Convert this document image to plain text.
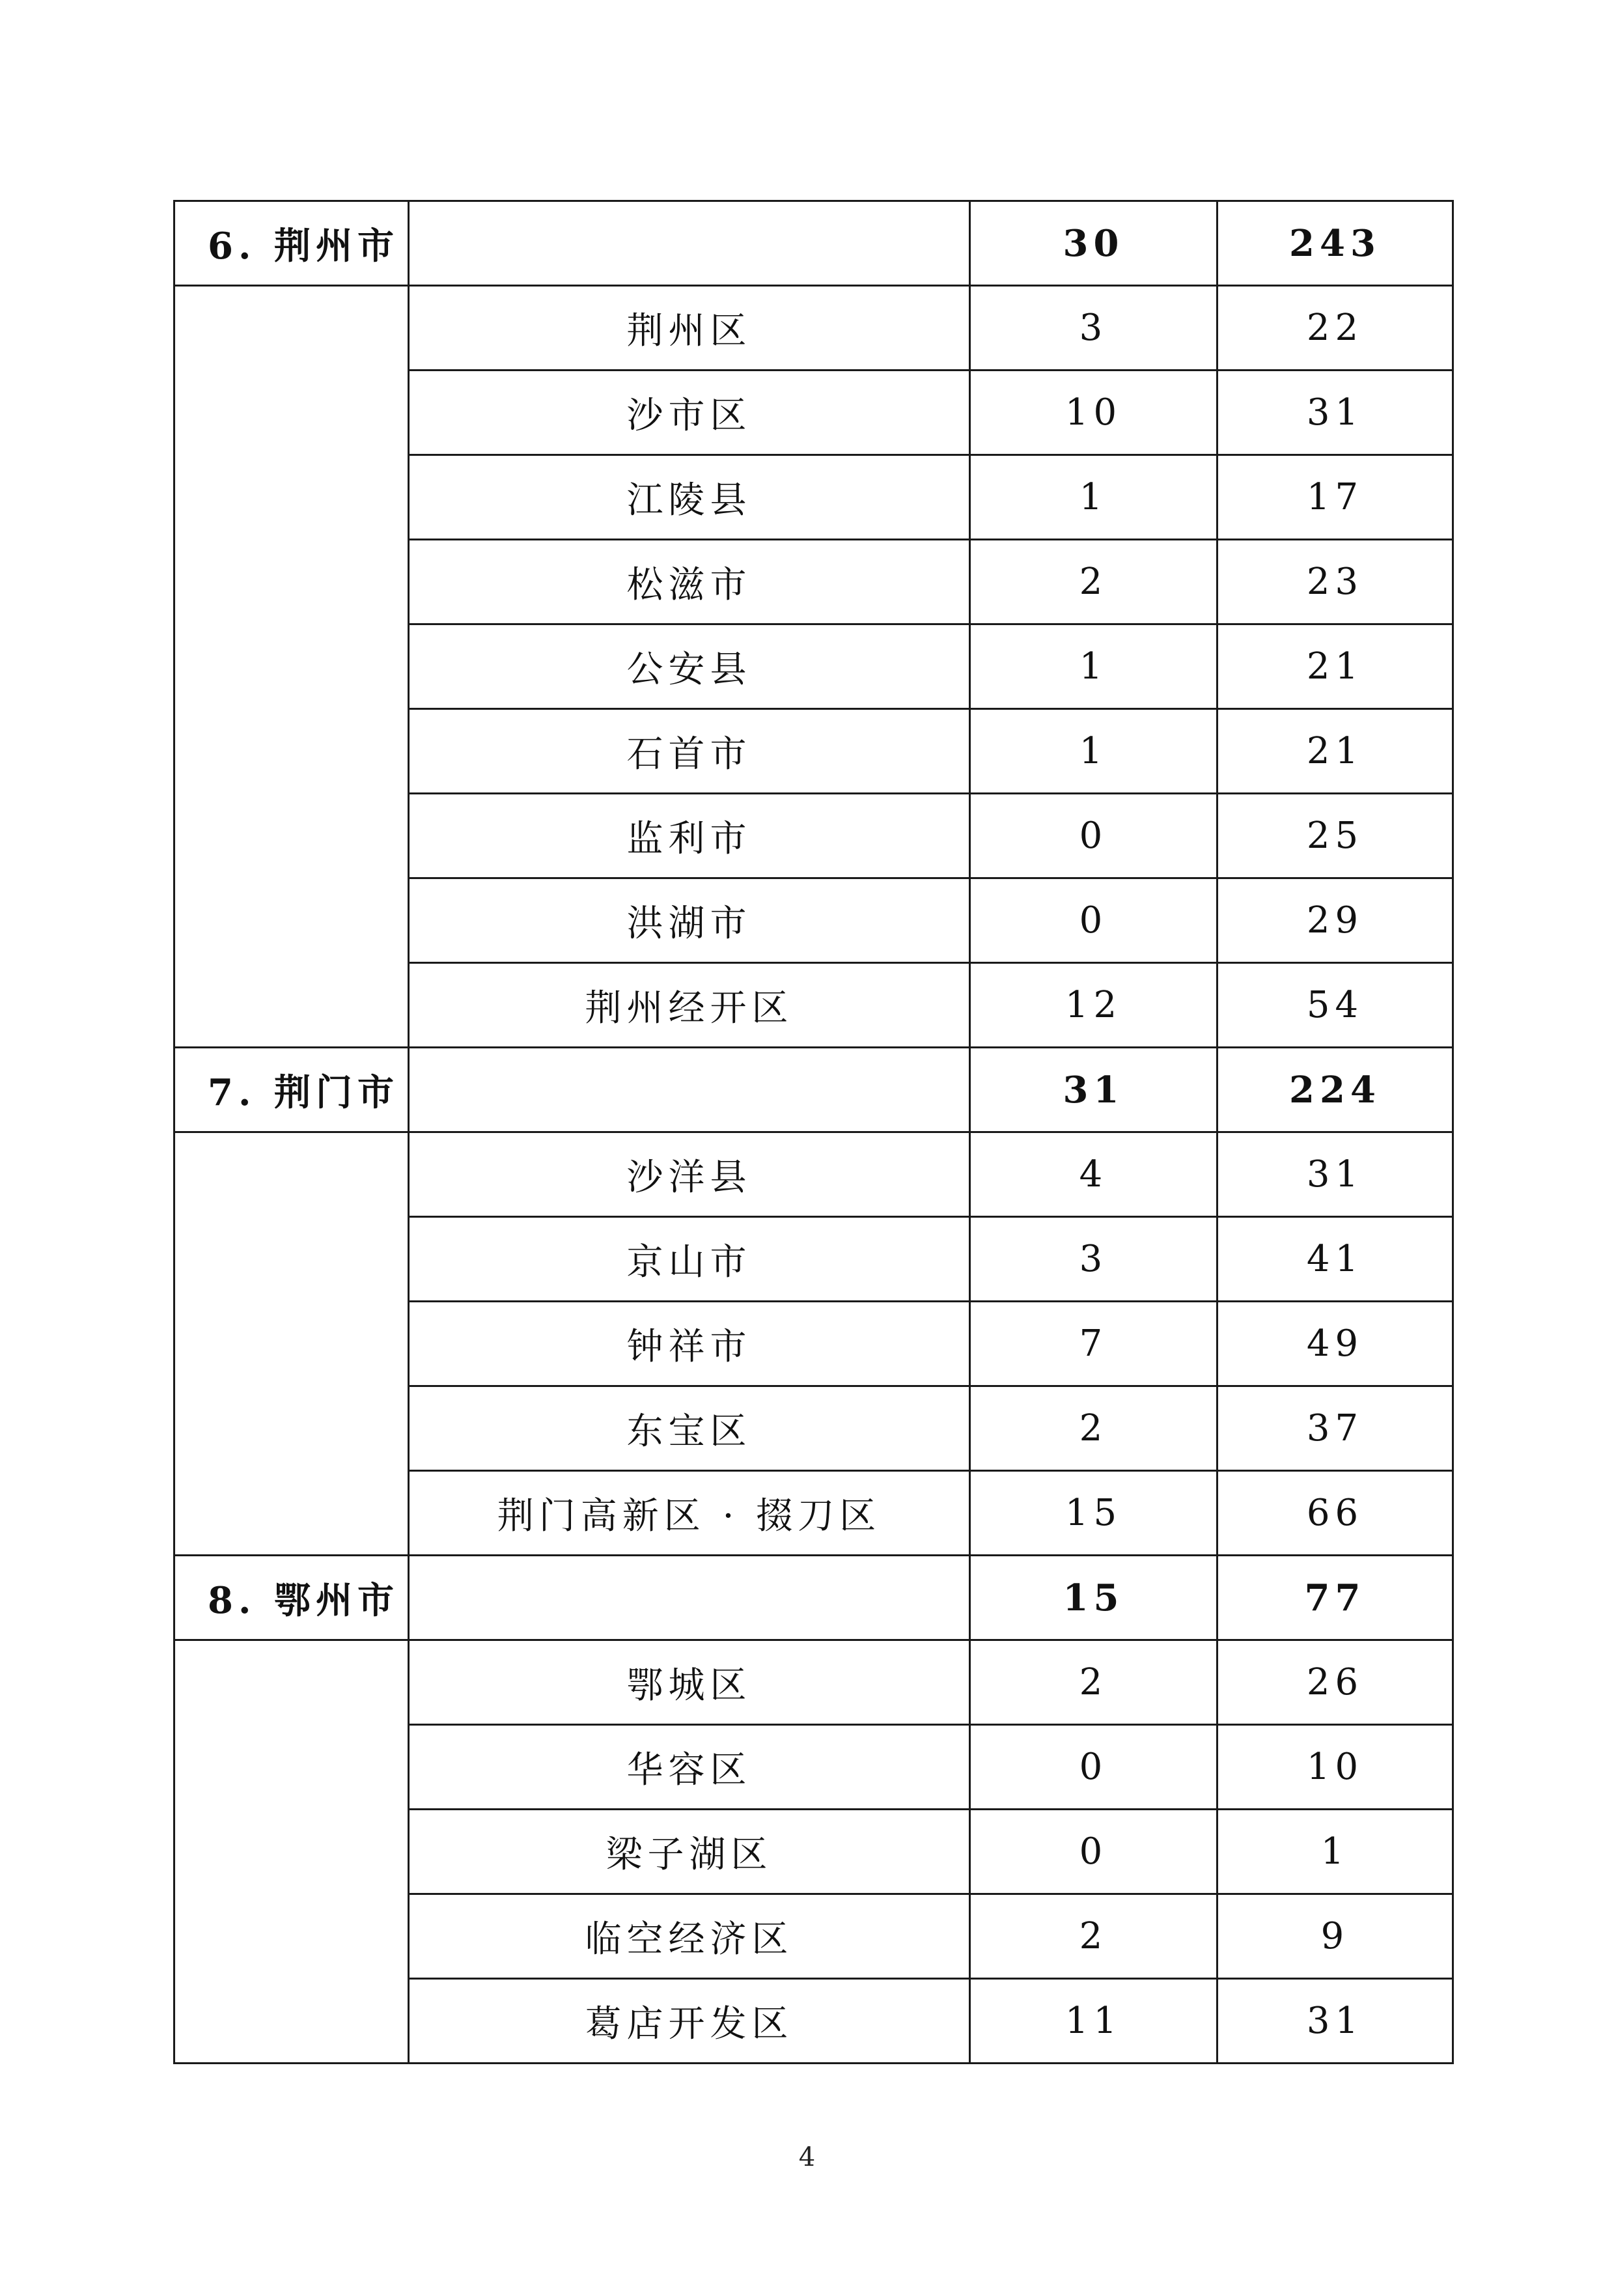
6. 荆州市		30	243
	荆州区	3	22
	沙市区	10	31
	江陵县	1	17
	松滋市	2	23
	公安县	1	21
	石首市	1	21
	监利市	0	25
	洪湖市	0	29
	荆州经开区	12	54
7. 荆门市		31	224
	沙洋县	4	31
	京山市	3	41
	钟祥市	7	49
	东宝区	2	37
	荆门高新区 · 掇刀区	15	66
8. 鄂州市		15	77
	鄂城区	2	26
	华容区	0	10
	梁子湖区	0	1
	临空经济区	2	9
	葛店开发区	11	31
4
